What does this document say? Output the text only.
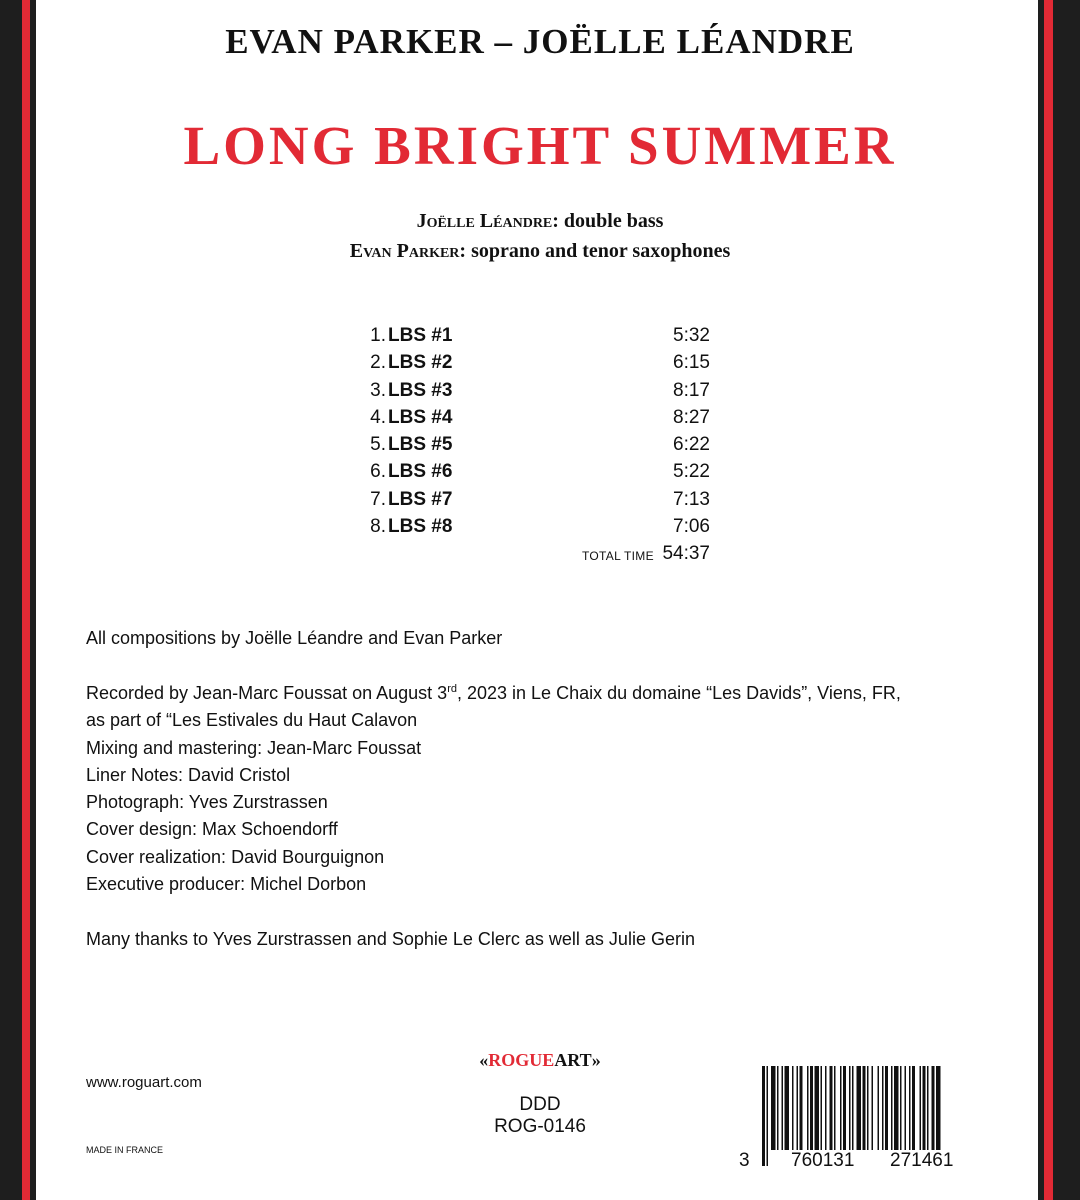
EVAN PARKER – JOËLLE LÉANDRE
LONG BRIGHT SUMMER
Joëlle Léandre: double bass
Evan Parker: soprano and tenor saxophones
1. LBS #1	5:32
2. LBS #2	6:15
3. LBS #3	8:17
4. LBS #4	8:27
5. LBS #5	6:22
6. LBS #6	5:22
7. LBS #7	7:13
8. LBS #8	7:06
TOTAL TIME 54:37
All compositions by Joëlle Léandre and Evan Parker
Recorded by Jean-Marc Foussat on August 3rd, 2023 in Le Chaix du domaine “Les Davids”, Viens, FR,
as part of “Les Estivales du Haut Calavon
Mixing and mastering: Jean-Marc Foussat
Liner Notes: David Cristol
Photograph: Yves Zurstrassen
Cover design: Max Schoendorff
Cover realization: David Bourguignon
Executive producer: Michel Dorbon
Many thanks to Yves Zurstrassen and Sophie Le Clerc as well as Julie Gerin
«ROGUEART»
www.roguart.com
MADE IN FRANCE
DDD
ROG-0146
3 760131 271461
